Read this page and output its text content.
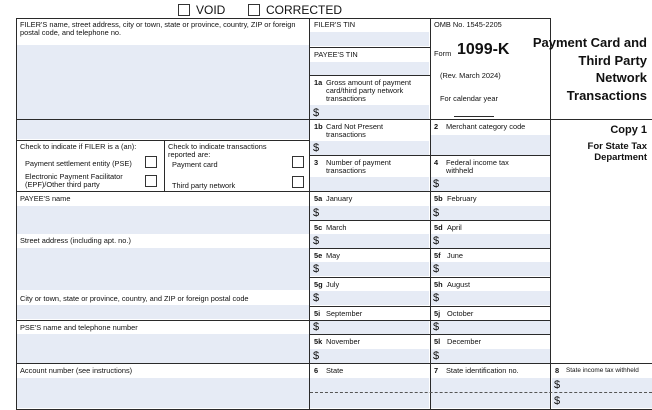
VOID	CORRECTED
FILER'S name, street address, city or town, state or province, country, ZIP or foreign postal code, and telephone no.
FILER'S TIN
PAYEE'S TIN
OMB No. 1545-2205
Form 1099-K
(Rev. March 2024)
For calendar year
Payment Card and
Third Party
Network
Transactions
Copy 1
For State Tax
Department
1a Gross amount of payment card/third party network transactions
$
Check to indicate if FILER is a (an):
Payment settlement entity (PSE)
Electronic Payment Facilitator
(EPF)/Other third party
Check to indicate transactions
reported are:
Payment card
Third party network
1b Card Not Present transactions
$
2 Merchant category code
3 Number of payment transactions
4 Federal income tax withheld
$
PAYEE'S name
Street address (including apt. no.)
City or town, state or province, country, and ZIP or foreign postal code
PSE'S name and telephone number
Account number (see instructions)
5a January
$
5b February
$
5c March
$
5d April
$
5e May
$
5f June
$
5g July
$
5h August
$
5i September
$
5j October
$
5k November
$
5l December
$
6 State	7 State identification no.	8 State income tax withheld
$
$
